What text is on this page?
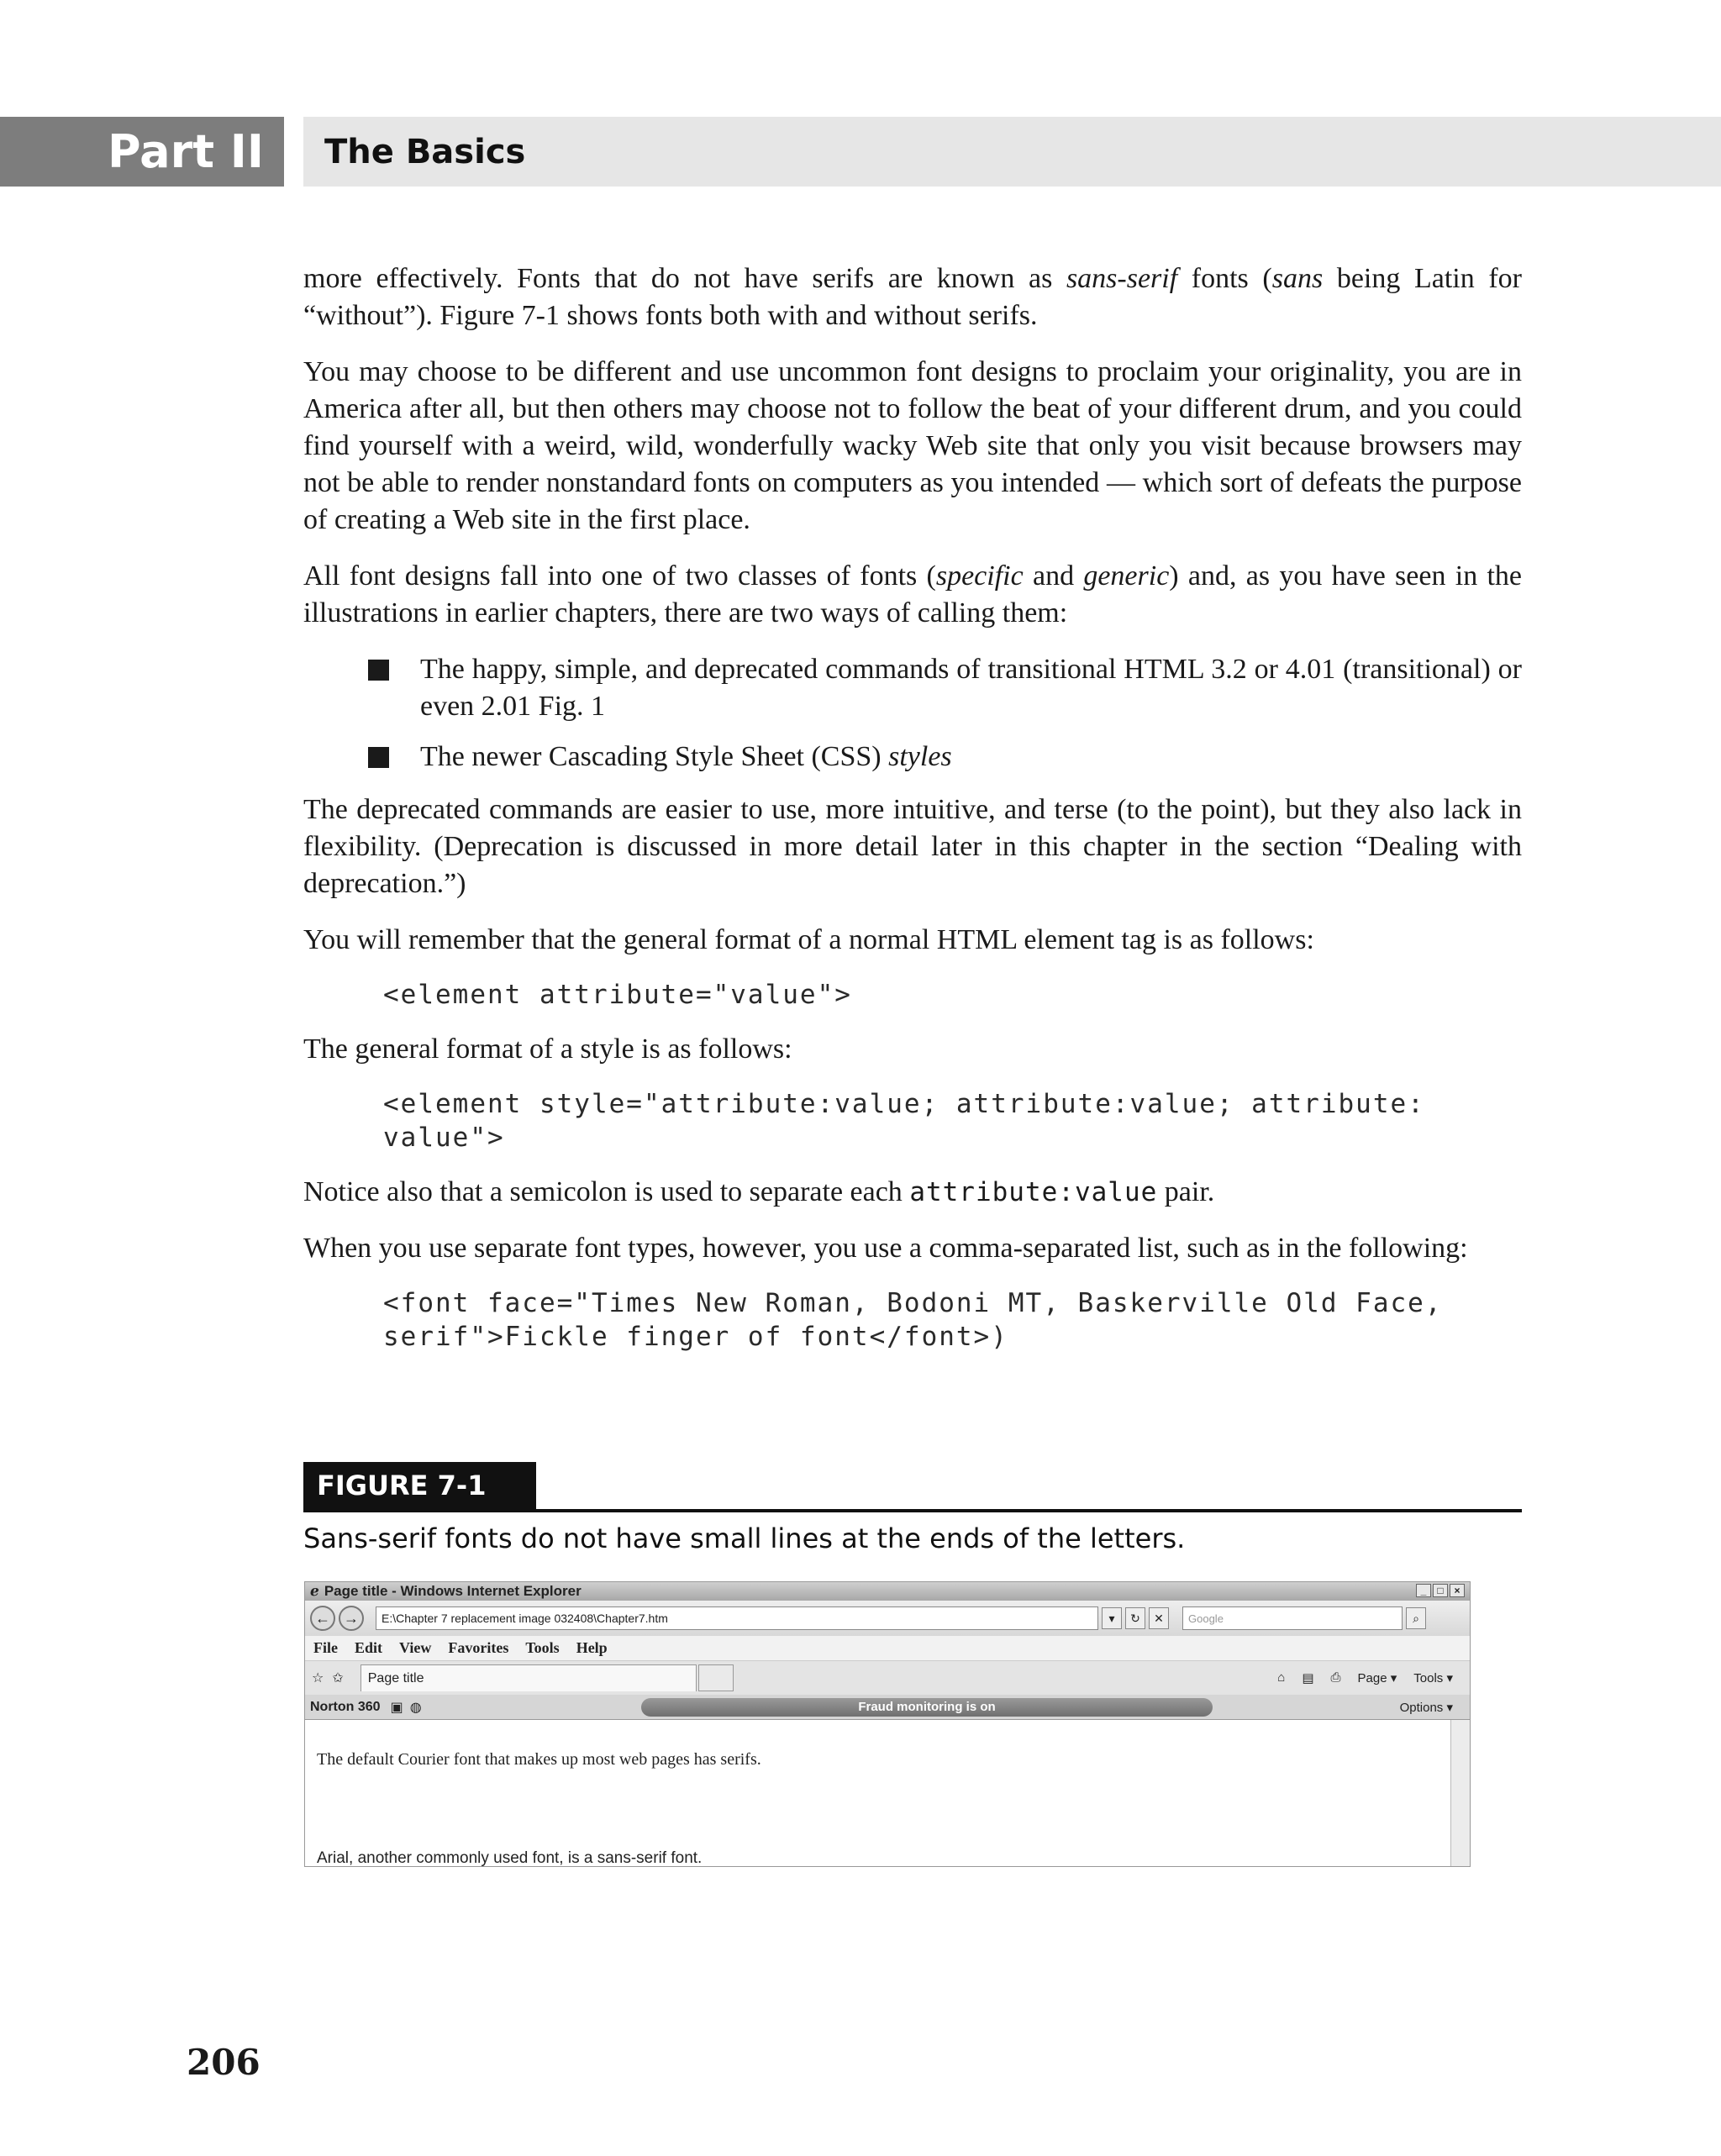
Part II	The Basics

more effectively. Fonts that do not have serifs are known as sans-serif fonts (sans being Latin for “without”). Figure 7-1 shows fonts both with and without serifs.

You may choose to be different and use uncommon font designs to proclaim your originality, you are in America after all, but then others may choose not to follow the beat of your different drum, and you could find yourself with a weird, wild, wonderfully wacky Web site that only you visit because browsers may not be able to render nonstandard fonts on computers as you intended — which sort of defeats the purpose of creating a Web site in the first place.

All font designs fall into one of two classes of fonts (specific and generic) and, as you have seen in the illustrations in earlier chapters, there are two ways of calling them:

The happy, simple, and deprecated commands of transitional HTML 3.2 or 4.01 (transitional) or even 2.01 Fig. 1
The newer Cascading Style Sheet (CSS) styles

The deprecated commands are easier to use, more intuitive, and terse (to the point), but they also lack in flexibility. (Deprecation is discussed in more detail later in this chapter in the section “Dealing with deprecation.”)

You will remember that the general format of a normal HTML element tag is as follows:

<element attribute="value">

The general format of a style is as follows:

<element style="attribute:value; attribute:value; attribute:
value">

Notice also that a semicolon is used to separate each attribute:value pair.

When you use separate font types, however, you use a comma-separated list, such as in the following:

<font face="Times New Roman, Bodoni MT, Baskerville Old Face,
serif">Fickle finger of font</font>)
FIGURE 7-1
Sans-serif fonts do not have small lines at the ends of the letters.
ℯ Page title - Windows Internet Explorer	_	□	×
← →	E:\Chapter 7 replacement image 032408\Chapter7.htm	▾	↻	✕	Google	⌕
File Edit View Favorites Tools Help
☆ ✩	Page title	⌂ ▤ ⎙ Page ▾ Tools ▾
Norton 360 ▣ ◍	Fraud monitoring is on	Options ▾
The default Courier font that makes up most web pages has serifs.
Arial, another commonly used font, is a sans-serif font.
206
